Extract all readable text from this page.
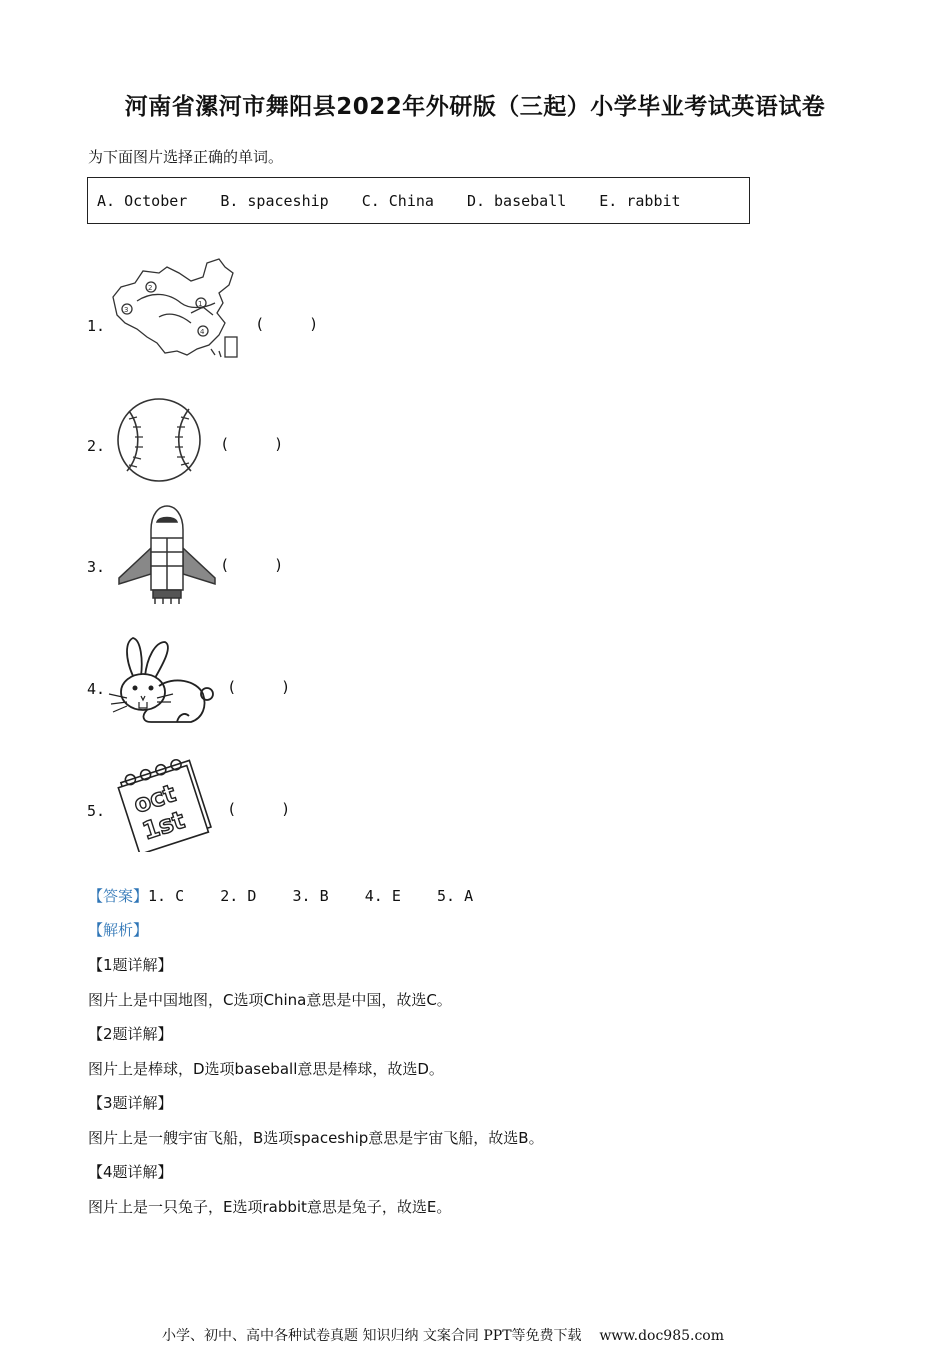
河南省漯河市舞阳县2022年外研版（三起）小学毕业考试英语试卷
为下面图片选择正确的单词。
A. October B. spaceship C. China D. baseball E. rabbit
1.
2
1
3
4	(          )
2.	(          )
3.	(          )
4.	(          )
5. oct
1st	(          )
【答案】1. C    2. D    3. B    4. E    5. A
【解析】
【1题详解】
图片上是中国地图，C选项China意思是中国，故选C。
【2题详解】
图片上是棒球，D选项baseball意思是棒球，故选D。
【3题详解】
图片上是一艘宇宙飞船，B选项spaceship意思是宇宙飞船，故选B。
【4题详解】
图片上是一只兔子，E选项rabbit意思是兔子，故选E。
小学、初中、高中各种试卷真题 知识归纳 文案合同 PPT等免费下载    www.doc985.com
